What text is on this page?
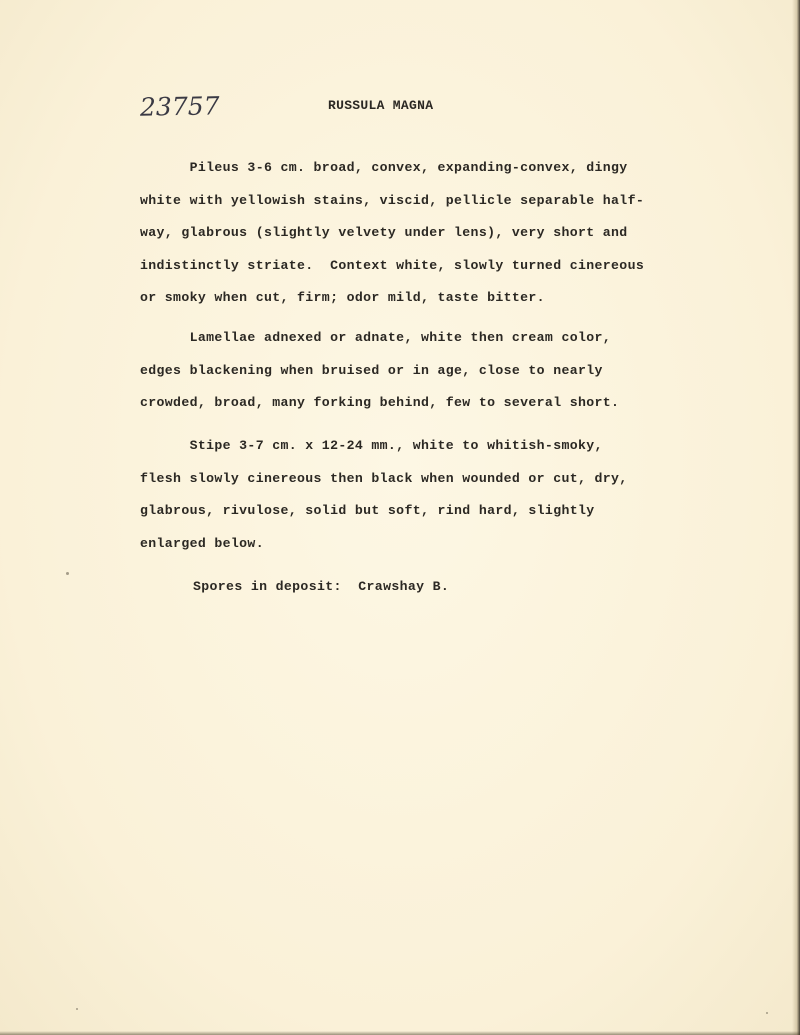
23757	RUSSULA MAGNA
Pileus 3-6 cm. broad, convex, expanding-convex, dingy
white with yellowish stains, viscid, pellicle separable half-
way, glabrous (slightly velvety under lens), very short and
indistinctly striate.  Context white, slowly turned cinereous
or smoky when cut, firm; odor mild, taste bitter.
Lamellae adnexed or adnate, white then cream color,
edges blackening when bruised or in age, close to nearly
crowded, broad, many forking behind, few to several short.
Stipe 3-7 cm. x 12-24 mm., white to whitish-smoky,
flesh slowly cinereous then black when wounded or cut, dry,
glabrous, rivulose, solid but soft, rind hard, slightly
enlarged below.
Spores in deposit:  Crawshay B.
